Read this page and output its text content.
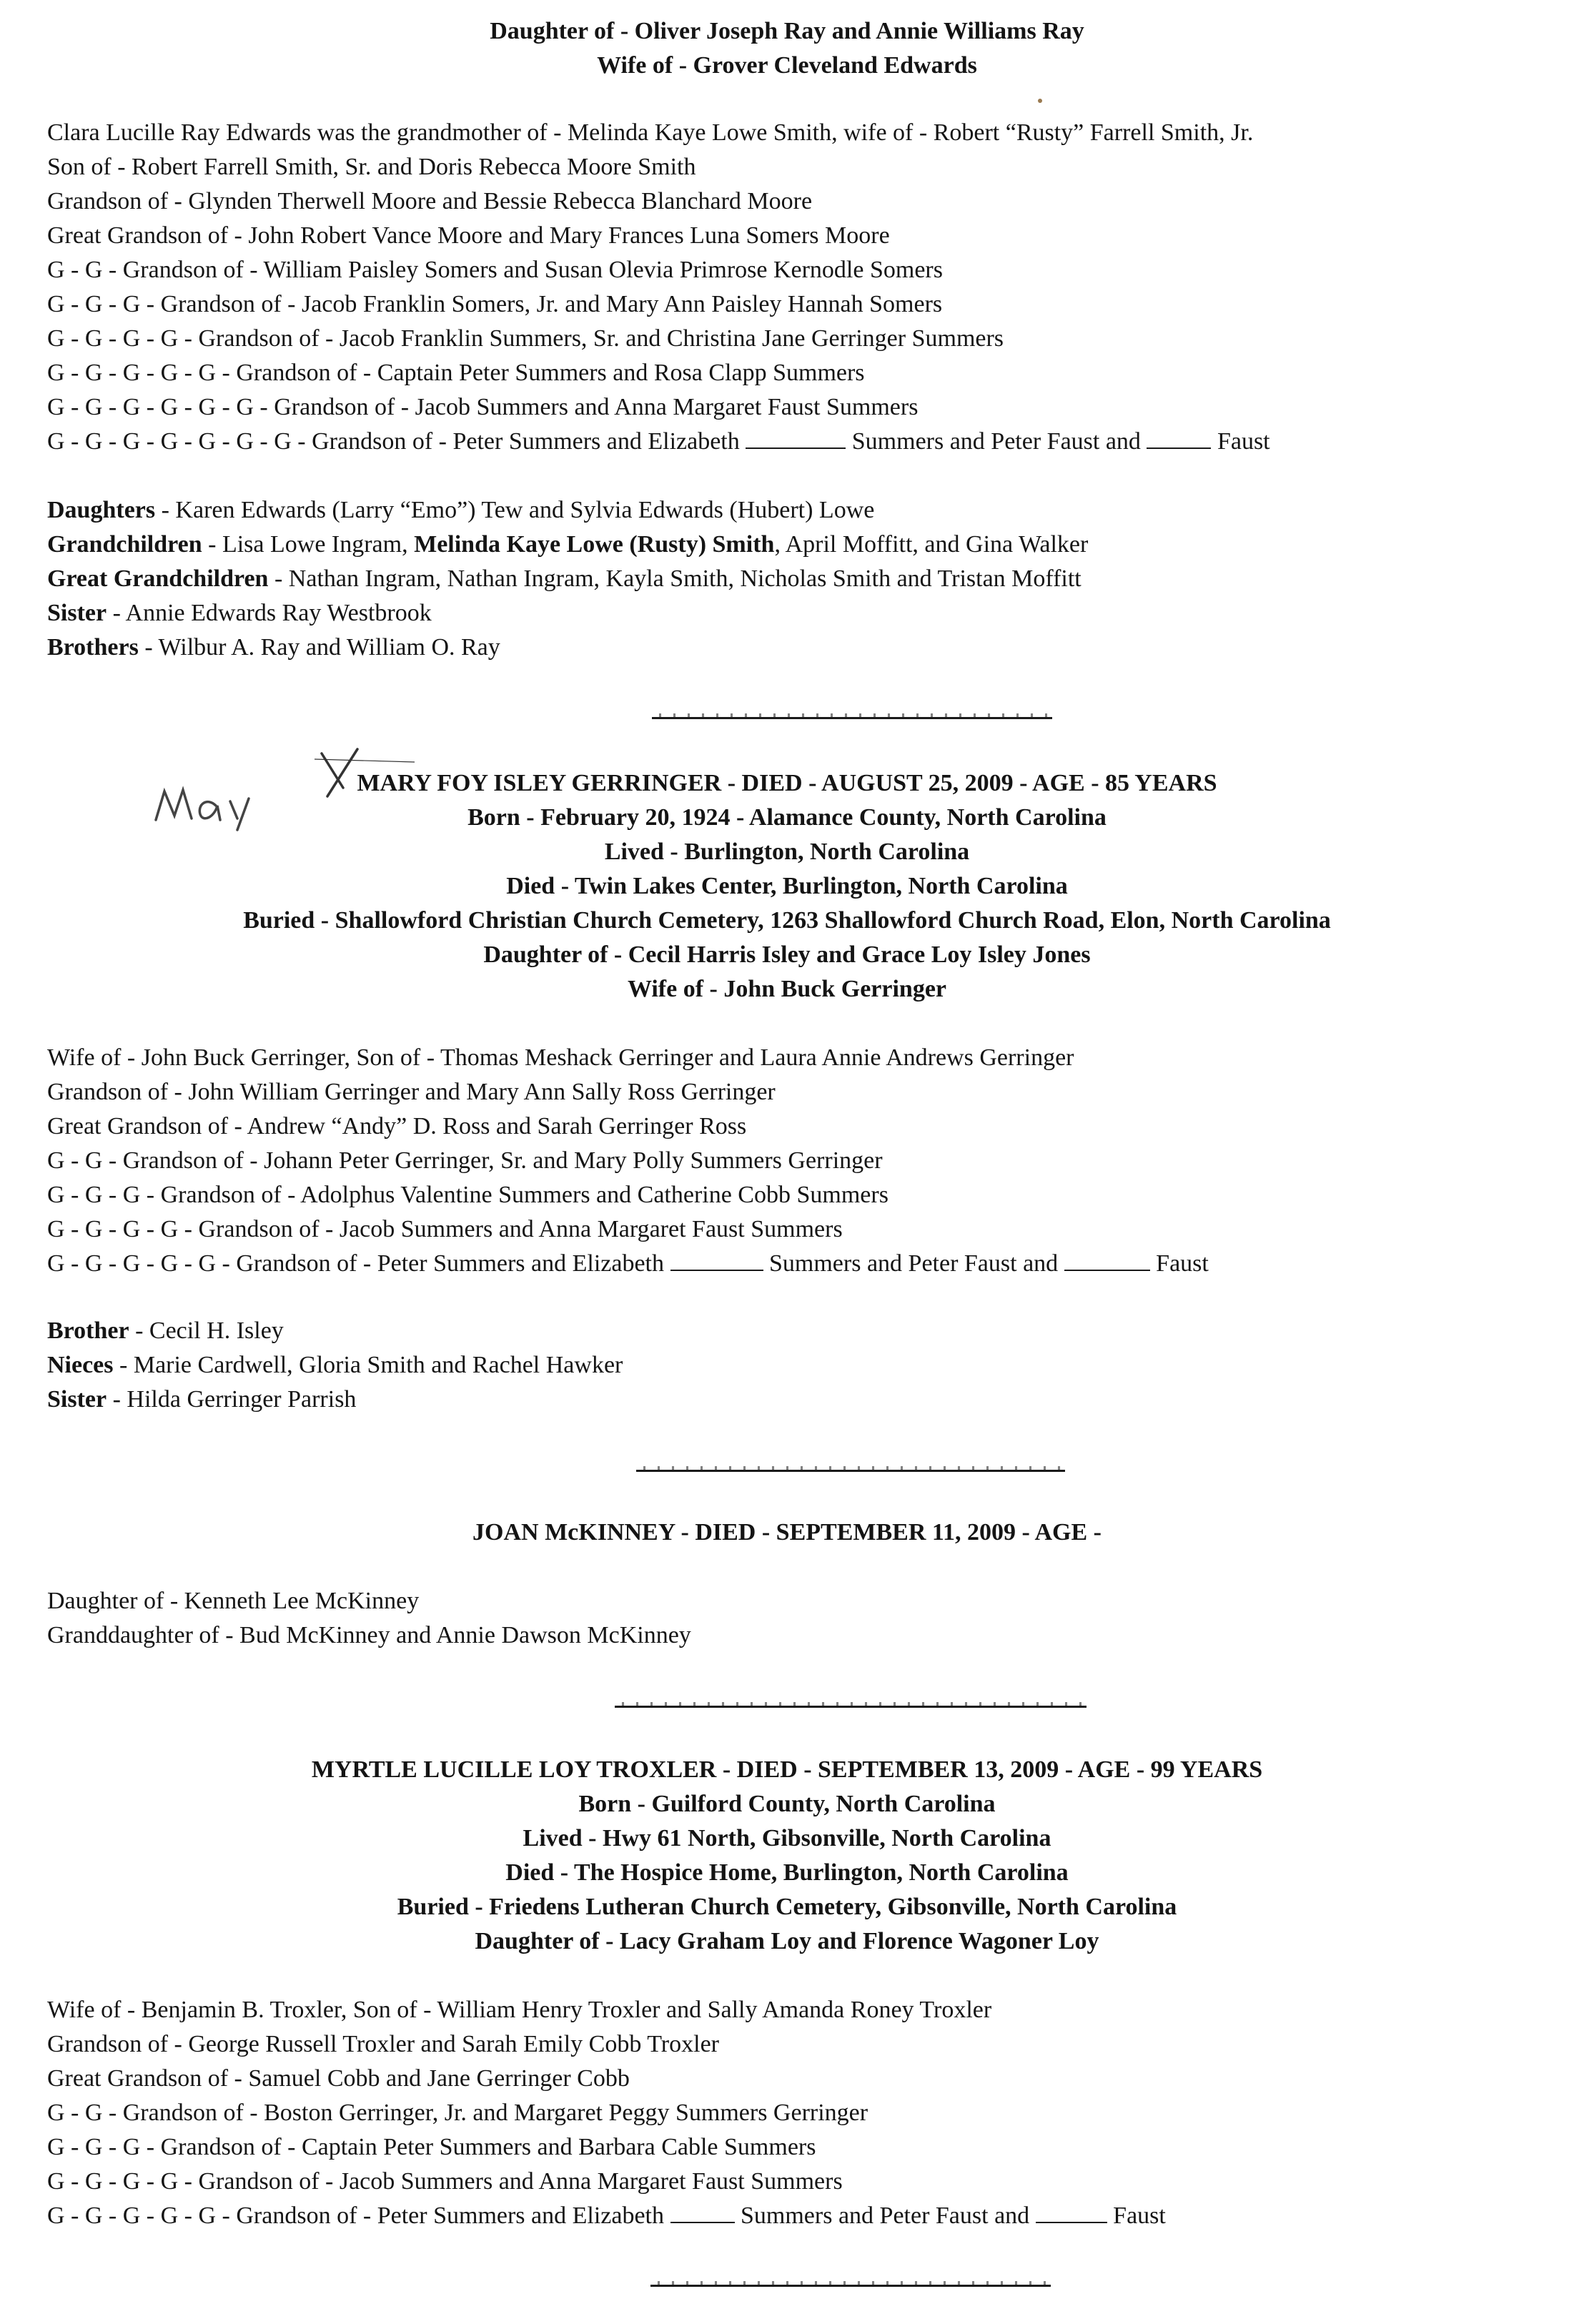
Daughter of - Oliver Joseph Ray and Annie Williams Ray
Wife of - Grover Cleveland Edwards
Clara Lucille Ray Edwards was the grandmother of - Melinda Kaye Lowe Smith, wife of - Robert “Rusty” Farrell Smith, Jr.
Son of - Robert Farrell Smith, Sr. and Doris Rebecca Moore Smith
Grandson of - Glynden Therwell Moore and Bessie Rebecca Blanchard Moore
Great Grandson of - John Robert Vance Moore and Mary Frances Luna Somers Moore
G - G - Grandson of - William Paisley Somers and Susan Olevia Primrose Kernodle Somers
G - G - G - Grandson of - Jacob Franklin Somers, Jr. and Mary Ann Paisley Hannah Somers
G - G - G - G - Grandson of - Jacob Franklin Summers, Sr. and Christina Jane Gerringer Summers
G - G - G - G - G - Grandson of - Captain Peter Summers and Rosa Clapp Summers
G - G - G - G - G - G - Grandson of - Jacob Summers and Anna Margaret Faust Summers
G - G - G - G - G - G - G - Grandson of - Peter Summers and Elizabeth	Summers and Peter Faust and	Faust
Daughters - Karen Edwards (Larry “Emo”) Tew and Sylvia Edwards (Hubert) Lowe
Grandchildren - Lisa Lowe Ingram, Melinda Kaye Lowe (Rusty) Smith, April Moffitt, and Gina Walker
Great Grandchildren - Nathan Ingram, Nathan Ingram, Kayla Smith, Nicholas Smith and Tristan Moffitt
Sister - Annie Edwards Ray Westbrook
Brothers - Wilbur A. Ray and William O. Ray
MARY FOY ISLEY GERRINGER - DIED - AUGUST 25, 2009 - AGE - 85 YEARS
Born - February 20, 1924 - Alamance County, North Carolina
Lived - Burlington, North Carolina
Died - Twin Lakes Center, Burlington, North Carolina
Buried - Shallowford Christian Church Cemetery, 1263 Shallowford Church Road, Elon, North Carolina
Daughter of - Cecil Harris Isley and Grace Loy Isley Jones
Wife of - John Buck Gerringer
Wife of - John Buck Gerringer, Son of - Thomas Meshack Gerringer and Laura Annie Andrews Gerringer
Grandson of - John William Gerringer and Mary Ann Sally Ross Gerringer
Great Grandson of - Andrew “Andy” D. Ross and Sarah Gerringer Ross
G - G - Grandson of - Johann Peter Gerringer, Sr. and Mary Polly Summers Gerringer
G - G - G - Grandson of - Adolphus Valentine Summers and Catherine Cobb Summers
G - G - G - G - Grandson of - Jacob Summers and Anna Margaret Faust Summers
G - G - G - G - G - Grandson of - Peter Summers and Elizabeth	Summers and Peter Faust and	Faust
Brother - Cecil H. Isley
Nieces - Marie Cardwell, Gloria Smith and Rachel Hawker
Sister - Hilda Gerringer Parrish
JOAN McKINNEY - DIED - SEPTEMBER 11, 2009 - AGE -
Daughter of - Kenneth Lee McKinney
Granddaughter of - Bud McKinney and Annie Dawson McKinney
MYRTLE LUCILLE LOY TROXLER - DIED - SEPTEMBER 13, 2009 - AGE - 99 YEARS
Born - Guilford County, North Carolina
Lived - Hwy 61 North, Gibsonville, North Carolina
Died - The Hospice Home, Burlington, North Carolina
Buried - Friedens Lutheran Church Cemetery, Gibsonville, North Carolina
Daughter of - Lacy Graham Loy and Florence Wagoner Loy
Wife of - Benjamin B. Troxler, Son of - William Henry Troxler and Sally Amanda Roney Troxler
Grandson of - George Russell Troxler and Sarah Emily Cobb Troxler
Great Grandson of - Samuel Cobb and Jane Gerringer Cobb
G - G - Grandson of - Boston Gerringer, Jr. and Margaret Peggy Summers Gerringer
G - G - G - Grandson of - Captain Peter Summers and Barbara Cable Summers
G - G - G - G - Grandson of - Jacob Summers and Anna Margaret Faust Summers
G - G - G - G - G - Grandson of - Peter Summers and Elizabeth	Summers and Peter Faust and	Faust
